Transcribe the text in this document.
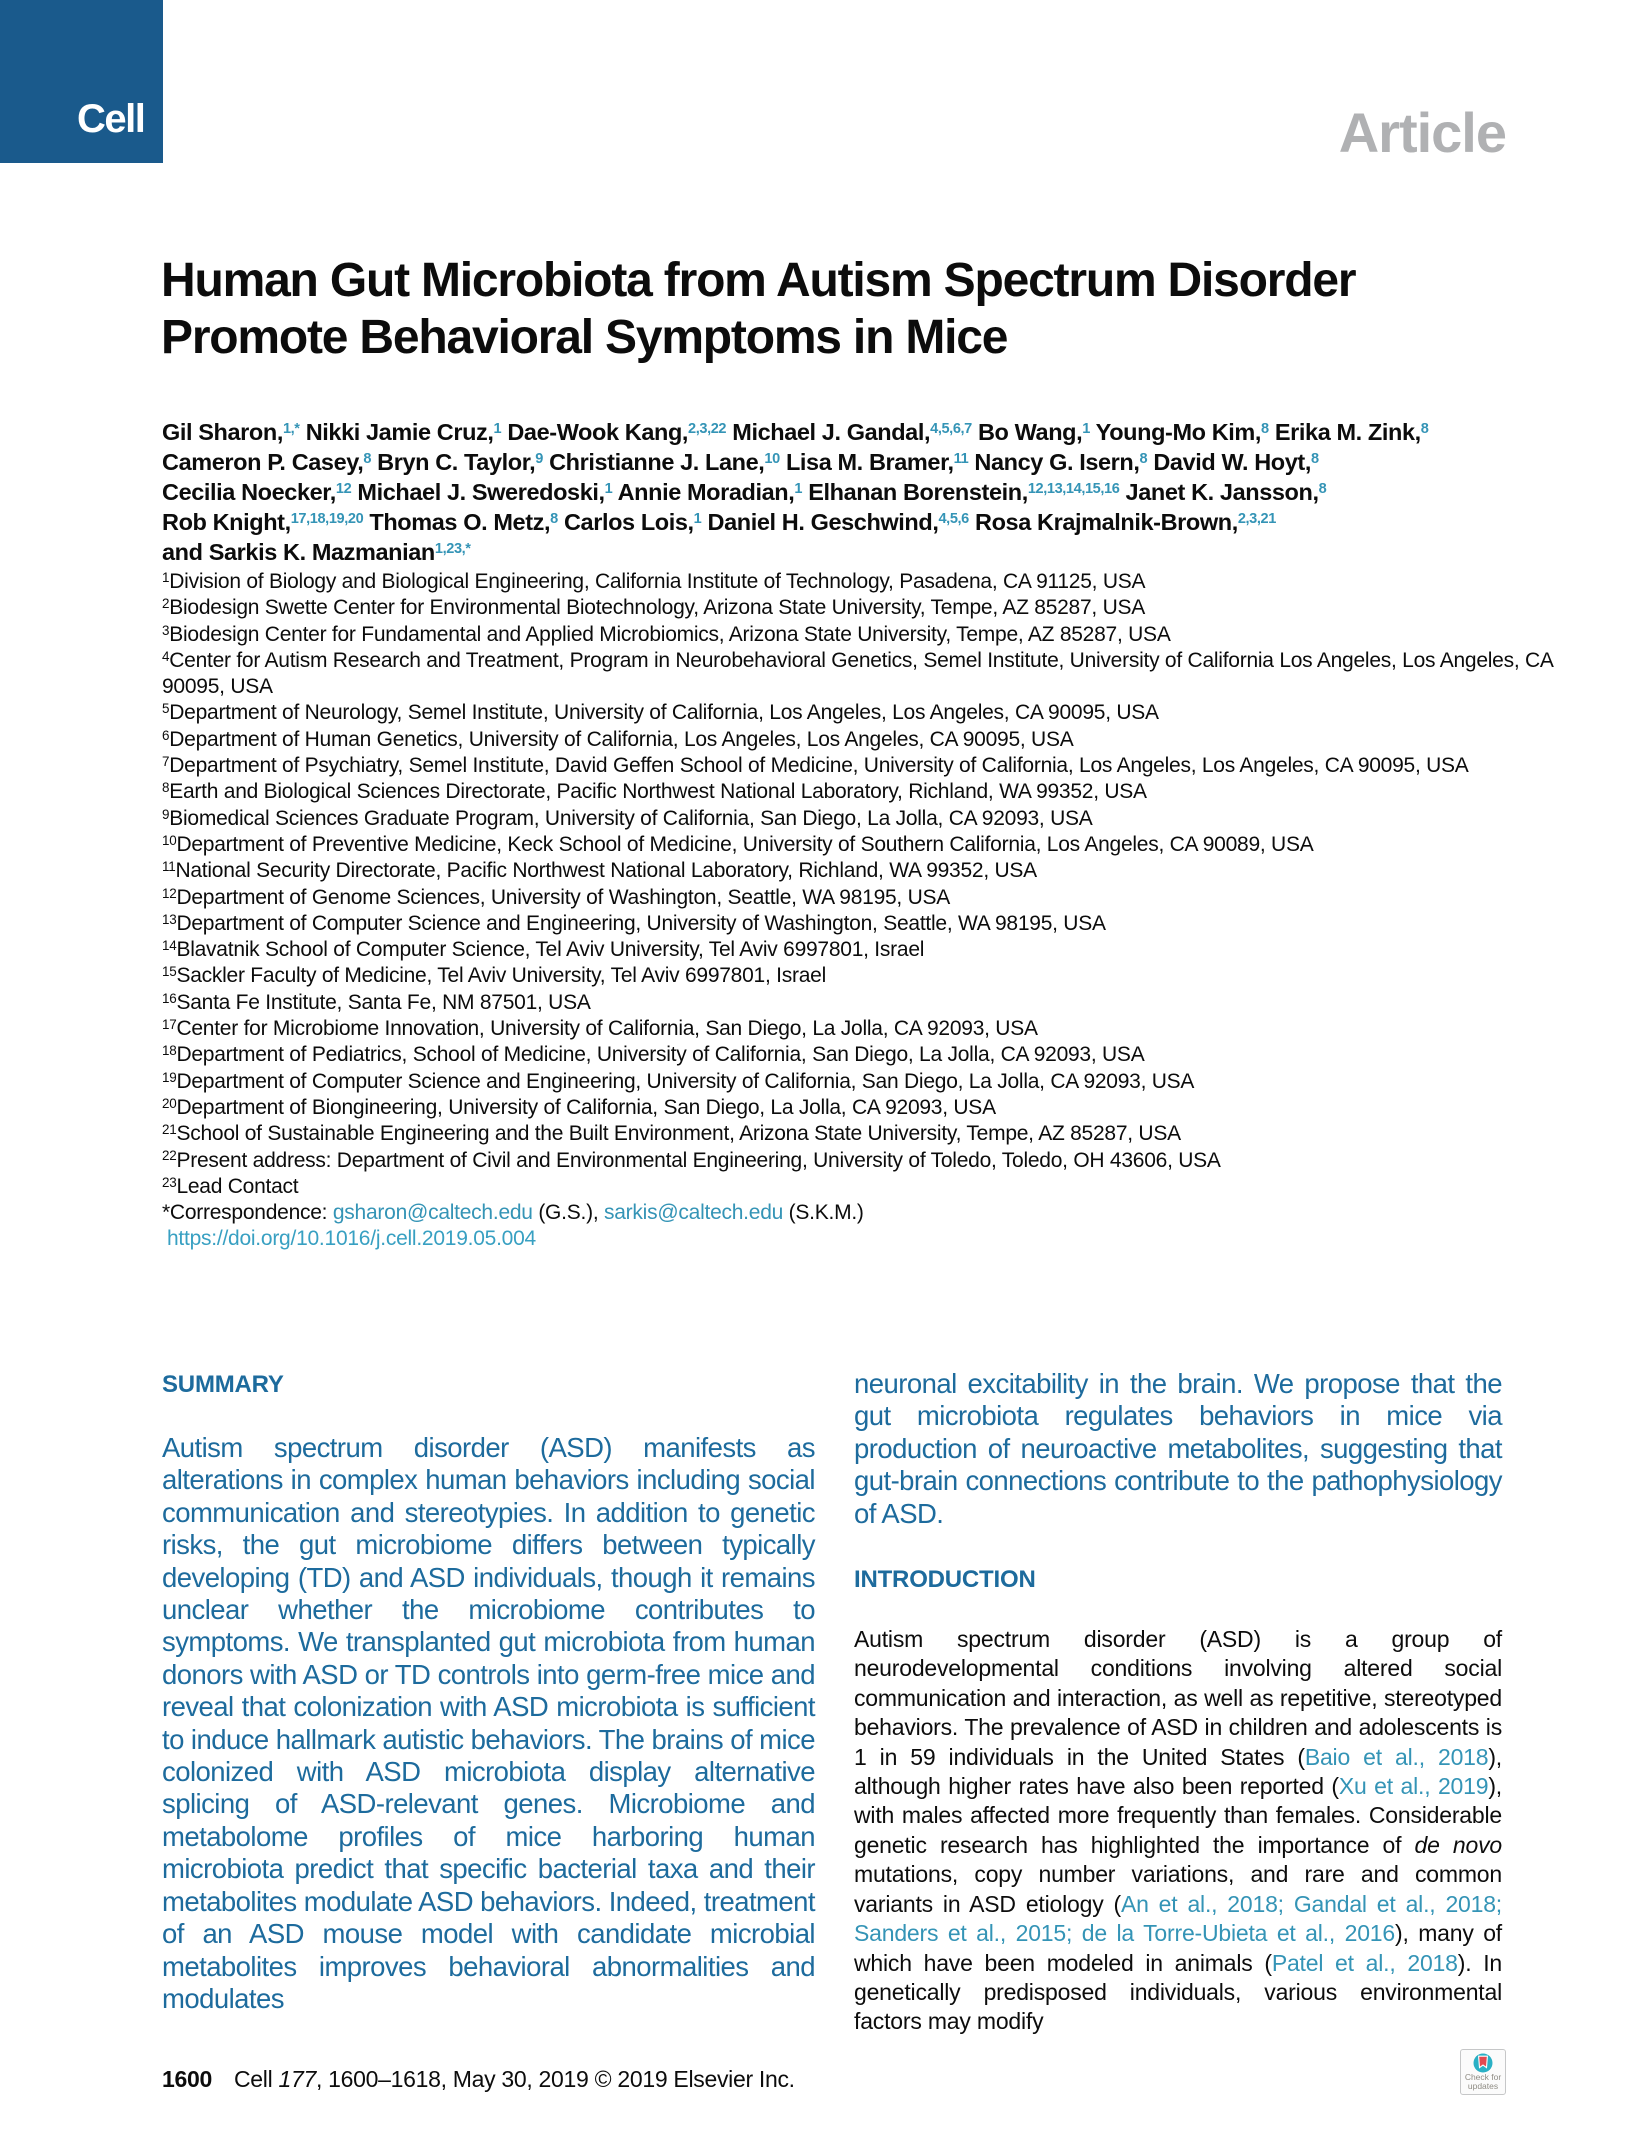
Cell	Article
Human Gut Microbiota from Autism Spectrum Disorder
Promote Behavioral Symptoms in Mice
Gil Sharon,$^{1,*}$ Nikki Jamie Cruz,$^1$ Dae-Wook Kang,$^{2,3,22}$ Michael J. Gandal,$^{4,5,6,7}$ Bo Wang,$^1$ Young-Mo Kim,$^8$ Erika M. Zink,$^8$
Cameron P. Casey,$^8$ Bryn C. Taylor,$^9$ Christianne J. Lane,$^{10}$ Lisa M. Bramer,$^{11}$ Nancy G. Isern,$^8$ David W. Hoyt,$^8$
Cecilia Noecker,$^{12}$ Michael J. Sweredoski,$^1$ Annie Moradian,$^1$ Elhanan Borenstein,$^{12,13,14,15,16}$ Janet K. Jansson,$^8$
Rob Knight,$^{17,18,19,20}$ Thomas O. Metz,$^8$ Carlos Lois,$^1$ Daniel H. Geschwind,$^{4,5,6}$ Rosa Krajmalnik-Brown,$^{2,3,21}$
and Sarkis K. Mazmanian$^{1,23,*}$
$^1$Division of Biology and Biological Engineering, California Institute of Technology, Pasadena, CA 91125, USA
$^2$Biodesign Swette Center for Environmental Biotechnology, Arizona State University, Tempe, AZ 85287, USA
$^3$Biodesign Center for Fundamental and Applied Microbiomics, Arizona State University, Tempe, AZ 85287, USA
$^4$Center for Autism Research and Treatment, Program in Neurobehavioral Genetics, Semel Institute, University of California Los Angeles, Los Angeles, CA 90095, USA
$^5$Department of Neurology, Semel Institute, University of California, Los Angeles, Los Angeles, CA 90095, USA
$^6$Department of Human Genetics, University of California, Los Angeles, Los Angeles, CA 90095, USA
$^7$Department of Psychiatry, Semel Institute, David Geffen School of Medicine, University of California, Los Angeles, Los Angeles, CA 90095, USA
$^8$Earth and Biological Sciences Directorate, Pacific Northwest National Laboratory, Richland, WA 99352, USA
$^9$Biomedical Sciences Graduate Program, University of California, San Diego, La Jolla, CA 92093, USA
$^{10}$Department of Preventive Medicine, Keck School of Medicine, University of Southern California, Los Angeles, CA 90089, USA
$^{11}$National Security Directorate, Pacific Northwest National Laboratory, Richland, WA 99352, USA
$^{12}$Department of Genome Sciences, University of Washington, Seattle, WA 98195, USA
$^{13}$Department of Computer Science and Engineering, University of Washington, Seattle, WA 98195, USA
$^{14}$Blavatnik School of Computer Science, Tel Aviv University, Tel Aviv 6997801, Israel
$^{15}$Sackler Faculty of Medicine, Tel Aviv University, Tel Aviv 6997801, Israel
$^{16}$Santa Fe Institute, Santa Fe, NM 87501, USA
$^{17}$Center for Microbiome Innovation, University of California, San Diego, La Jolla, CA 92093, USA
$^{18}$Department of Pediatrics, School of Medicine, University of California, San Diego, La Jolla, CA 92093, USA
$^{19}$Department of Computer Science and Engineering, University of California, San Diego, La Jolla, CA 92093, USA
$^{20}$Department of Biongineering, University of California, San Diego, La Jolla, CA 92093, USA
$^{21}$School of Sustainable Engineering and the Built Environment, Arizona State University, Tempe, AZ 85287, USA
$^{22}$Present address: Department of Civil and Environmental Engineering, University of Toledo, Toledo, OH 43606, USA
$^{23}$Lead Contact
*Correspondence: gsharon@caltech.edu (G.S.), sarkis@caltech.edu (S.K.M.)
https://doi.org/10.1016/j.cell.2019.05.004
SUMMARY
Autism spectrum disorder (ASD) manifests as alterations in complex human behaviors including social communication and stereotypies. In addition to genetic risks, the gut microbiome differs between typically developing (TD) and ASD individuals, though it remains unclear whether the microbiome contributes to symptoms. We transplanted gut microbiota from human donors with ASD or TD controls into germ-free mice and reveal that colonization with ASD microbiota is sufficient to induce hallmark autistic behaviors. The brains of mice colonized with ASD microbiota display alternative splicing of ASD-relevant genes. Microbiome and metabolome profiles of mice harboring human microbiota predict that specific bacterial taxa and their metabolites modulate ASD behaviors. Indeed, treatment of an ASD mouse model with candidate microbial metabolites improves behavioral abnormalities and modulates
neuronal excitability in the brain. We propose that the gut microbiota regulates behaviors in mice via production of neuroactive metabolites, suggesting that gut-brain connections contribute to the pathophysiology of ASD.
INTRODUCTION
Autism spectrum disorder (ASD) is a group of neurodevelopmental conditions involving altered social communication and interaction, as well as repetitive, stereotyped behaviors. The prevalence of ASD in children and adolescents is 1 in 59 individuals in the United States (Baio et al., 2018), although higher rates have also been reported (Xu et al., 2019), with males affected more frequently than females. Considerable genetic research has highlighted the importance of de novo mutations, copy number variations, and rare and common variants in ASD etiology (An et al., 2018; Gandal et al., 2018; Sanders et al., 2015; de la Torre-Ubieta et al., 2016), many of which have been modeled in animals (Patel et al., 2018). In genetically predisposed individuals, various environmental factors may modify
1600 Cell 177, 1600–1618, May 30, 2019 © 2019 Elsevier Inc.	Check for updates
